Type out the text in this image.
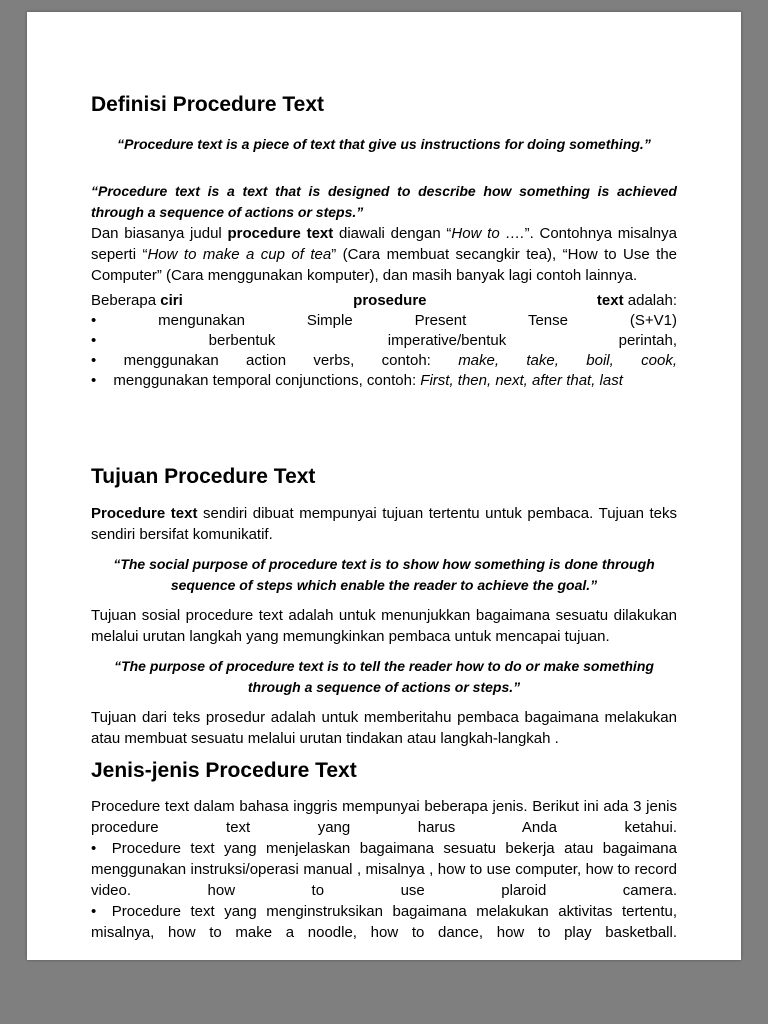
Definisi Procedure Text

“Procedure text is a piece of text that give us instructions for doing something.”

“Procedure text is a text that is designed to describe how something is achieved through a sequence of actions or steps.”

Dan biasanya judul procedure text diawali dengan “How to ….”. Contohnya misalnya seperti “How to make a cup of tea” (Cara membuat secangkir tea), “How to Use the Computer” (Cara menggunakan komputer), dan masih banyak lagi contoh lainnya.

Beberapa ciri	prosedure	text adalah:

• mengunakan Simple Present Tense (S+V1)

• berbentuk imperative/bentuk perintah,

• menggunakan action verbs, contoh: make, take, boil, cook,

• menggunakan temporal conjunctions, contoh: First, then, next, after that, last

Tujuan Procedure Text

Procedure text sendiri dibuat mempunyai tujuan tertentu untuk pembaca. Tujuan teks sendiri bersifat komunikatif.

“The social purpose of procedure text is to show how something is done through sequence of steps which enable the reader to achieve the goal.”

Tujuan sosial procedure text adalah untuk menunjukkan bagaimana sesuatu dilakukan melalui urutan langkah yang memungkinkan pembaca untuk mencapai tujuan.

“The purpose of procedure text is to tell the reader how to do or make something through a sequence of actions or steps.”

Tujuan dari teks prosedur adalah untuk memberitahu pembaca bagaimana melakukan atau membuat sesuatu melalui urutan tindakan atau langkah-langkah .

Jenis-jenis Procedure Text

Procedure text dalam bahasa inggris mempunyai beberapa jenis. Berikut ini ada 3 jenis procedure text yang harus Anda ketahui.

• Procedure text yang menjelaskan bagaimana sesuatu bekerja atau bagaimana menggunakan instruksi/operasi manual , misalnya , how to use computer, how to record video. how to use plaroid camera.

• Procedure text yang menginstruksikan bagaimana melakukan aktivitas tertentu, misalnya, how to make a noodle, how to dance, how to play basketball.
